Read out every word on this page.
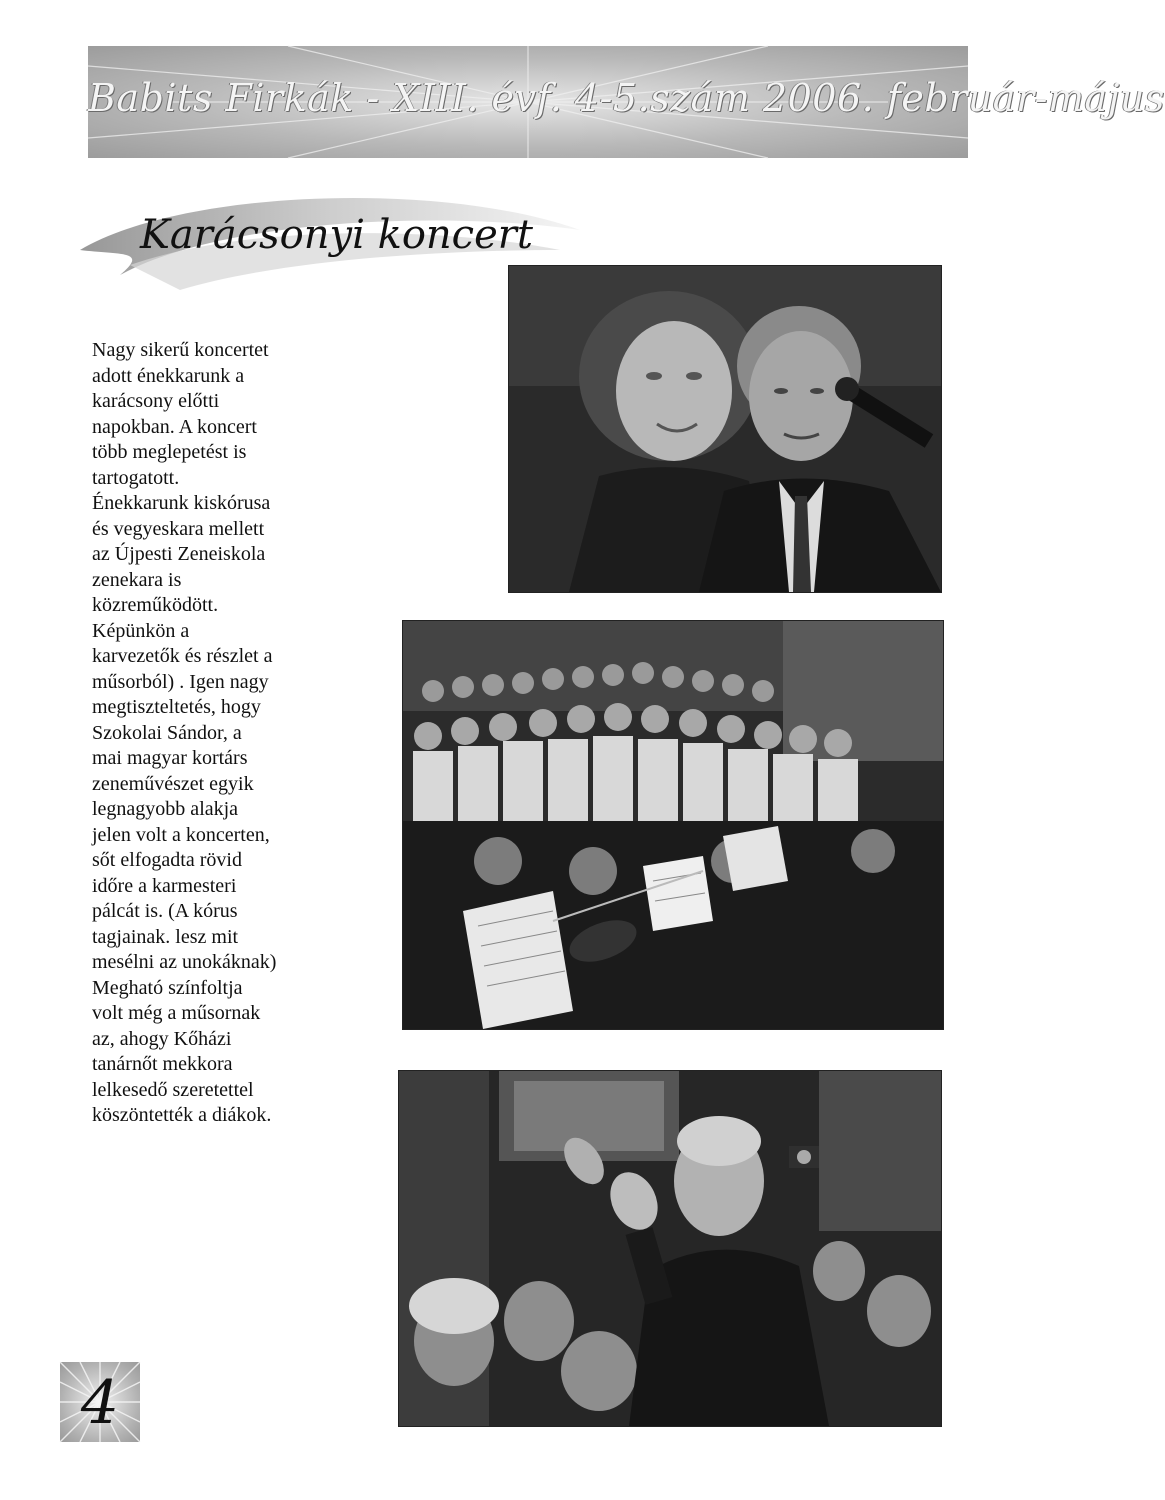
Babits Firkák - XIII. évf. 4-5.szám 2006. február-május
Karácsonyi koncert
Nagy sikerű koncertet
adott énekkarunk a
karácsony előtti
napokban. A koncert
több meglepetést is
tartogatott.
Énekkarunk kiskórusa
és vegyeskara mellett
az Újpesti Zeneiskola
zenekara is
közreműködött.
Képünkön a
karvezetők és részlet a
műsorból) . Igen nagy
megtiszteltetés, hogy
Szokolai Sándor, a
mai magyar kortárs
zeneművészet egyik
legnagyobb alakja
jelen volt a koncerten,
sőt elfogadta rövid
időre a karmesteri
pálcát is. (A kórus
tagjainak. lesz mit
mesélni az unokáknak)
Megható színfoltja
volt még a műsornak
az, ahogy Kőházi
tanárnőt mekkora
lelkesedő szeretettel
köszöntették a diákok.
4
